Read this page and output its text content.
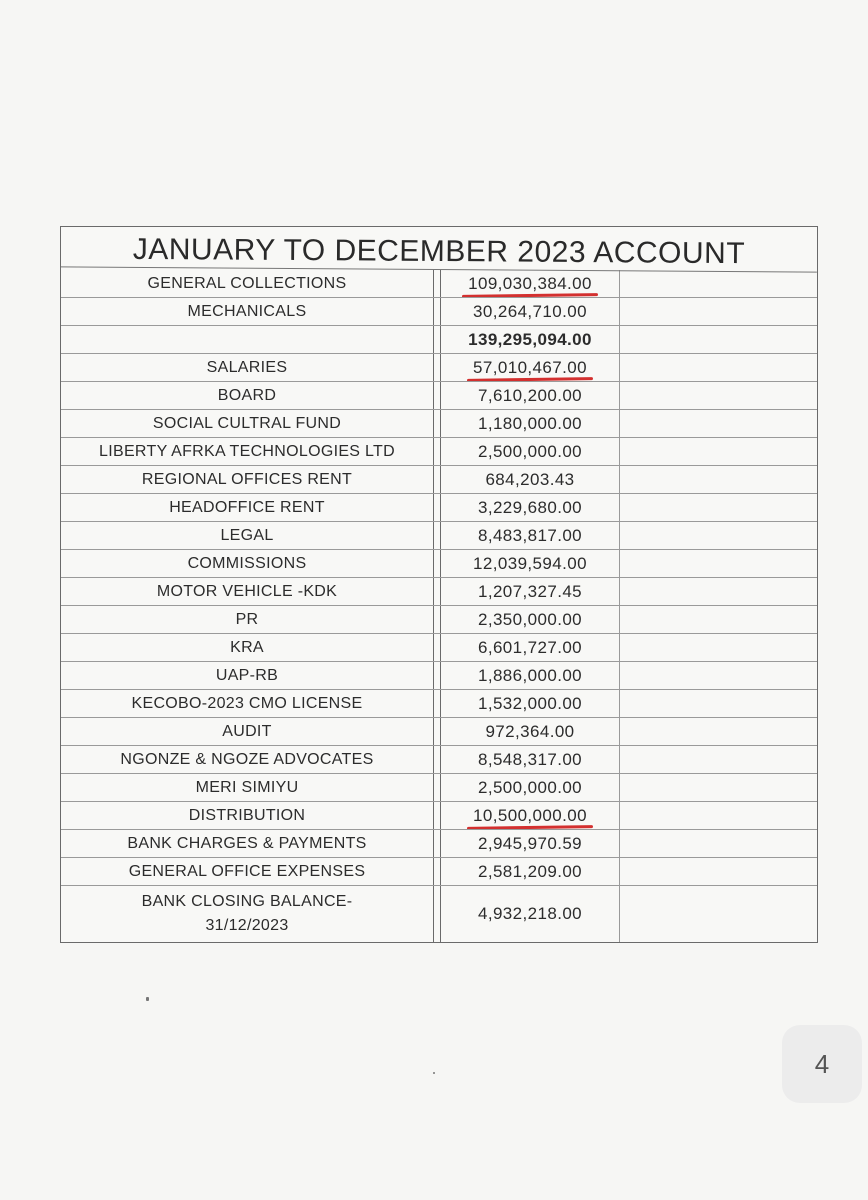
JANUARY TO DECEMBER 2023 ACCOUNT
GENERAL COLLECTIONS		109,030,384.00	
MECHANICALS		30,264,710.00	
		139,295,094.00	
SALARIES		57,010,467.00	
BOARD		7,610,200.00	
SOCIAL CULTRAL FUND		1,180,000.00	
LIBERTY AFRKA TECHNOLOGIES LTD		2,500,000.00	
REGIONAL OFFICES RENT		684,203.43	
HEADOFFICE RENT		3,229,680.00	
LEGAL		8,483,817.00	
COMMISSIONS		12,039,594.00	
MOTOR VEHICLE -KDK		1,207,327.45	
PR		2,350,000.00	
KRA		6,601,727.00	
UAP-RB		1,886,000.00	
KECOBO-2023 CMO LICENSE		1,532,000.00	
AUDIT		972,364.00	
NGONZE & NGOZE ADVOCATES		8,548,317.00	
MERI SIMIYU		2,500,000.00	
DISTRIBUTION		10,500,000.00	
BANK CHARGES & PAYMENTS		2,945,970.59	
GENERAL OFFICE EXPENSES		2,581,209.00	
BANK CLOSING BALANCE-
31/12/2023		4,932,218.00	
4
